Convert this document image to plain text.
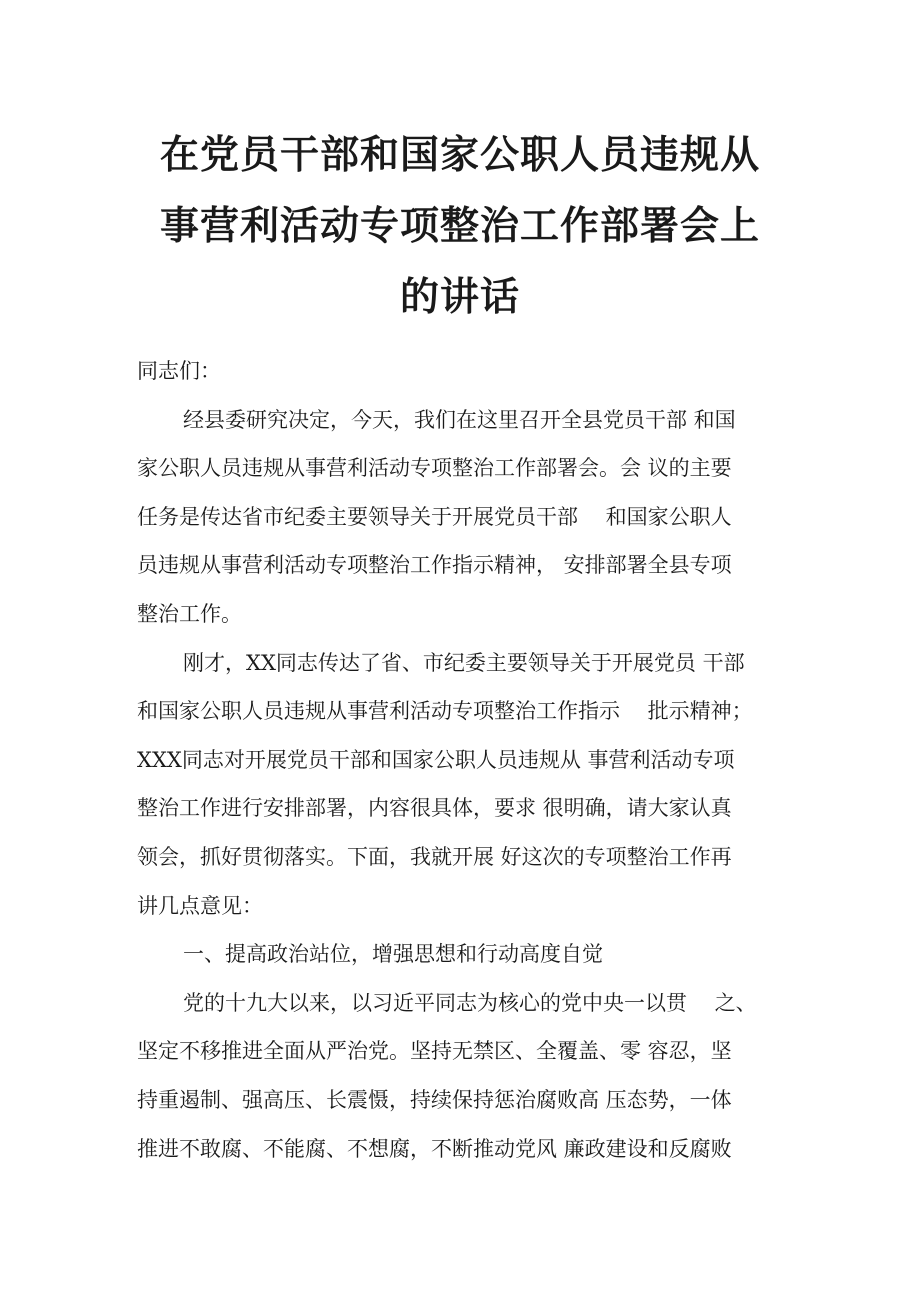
在党员干部和国家公职人员违规从
事营利活动专项整治工作部署会上
的讲话
同志们：
经县委研究决定，今天，我们在这里召开全县党员干部 和国
家公职人员违规从事营利活动专项整治工作部署会。会 议的主要
任务是传达省市纪委主要领导关于开展党员干部 　和国家公职人
员违规从事营利活动专项整治工作指示精神， 安排部署全县专项
整治工作。
刚才，XX同志传达了省、市纪委主要领导关于开展党员 干部
和国家公职人员违规从事营利活动专项整治工作指示 　批示精神；
XXX同志对开展党员干部和国家公职人员违规从 事营利活动专项
整治工作进行安排部署，内容很具体，要求 很明确，请大家认真
领会，抓好贯彻落实。下面，我就开展 好这次的专项整治工作再
讲几点意见：
一、提高政治站位，增强思想和行动高度自觉
党的十九大以来，以习近平同志为核心的党中央一以贯 　之、
坚定不移推进全面从严治党。坚持无禁区、全覆盖、零 容忍，坚
持重遏制、强高压、长震慑，持续保持惩治腐败高 压态势，一体
推进不敢腐、不能腐、不想腐，不断推动党风 廉政建设和反腐败
